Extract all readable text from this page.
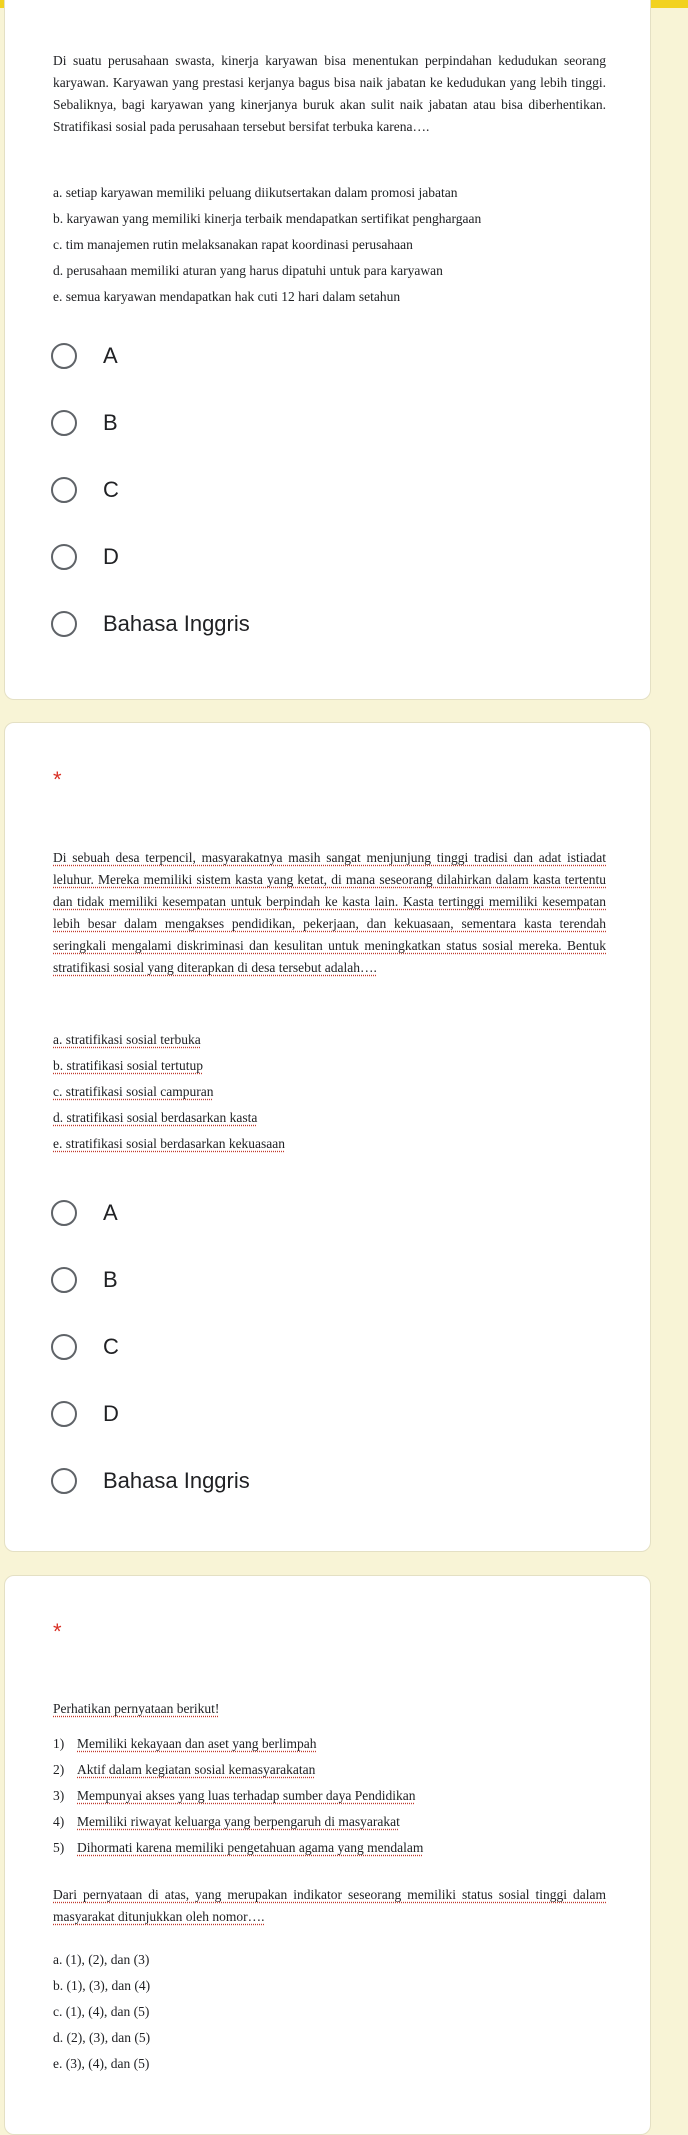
Di suatu perusahaan swasta, kinerja karyawan bisa menentukan perpindahan kedudukan seorang karyawan. Karyawan yang prestasi kerjanya bagus bisa naik jabatan ke kedudukan yang lebih tinggi. Sebaliknya, bagi karyawan yang kinerjanya buruk akan sulit naik jabatan atau bisa diberhentikan. Stratifikasi sosial pada perusahaan tersebut bersifat terbuka karena….

a. setiap karyawan memiliki peluang diikutsertakan dalam promosi jabatan
b. karyawan yang memiliki kinerja terbaik mendapatkan sertifikat penghargaan
c. tim manajemen rutin melaksanakan rapat koordinasi perusahaan
d. perusahaan memiliki aturan yang harus dipatuhi untuk para karyawan
e. semua karyawan mendapatkan hak cuti 12 hari dalam setahun
A
B
C
D
Bahasa Inggris
*

Di sebuah desa terpencil, masyarakatnya masih sangat menjunjung tinggi tradisi dan adat istiadat leluhur. Mereka memiliki sistem kasta yang ketat, di mana seseorang dilahirkan dalam kasta tertentu dan tidak memiliki kesempatan untuk berpindah ke kasta lain. Kasta tertinggi memiliki kesempatan lebih besar dalam mengakses pendidikan, pekerjaan, dan kekuasaan, sementara kasta terendah seringkali mengalami diskriminasi dan kesulitan untuk meningkatkan status sosial mereka. Bentuk stratifikasi sosial yang diterapkan di desa tersebut adalah….

a. stratifikasi sosial terbuka
b. stratifikasi sosial tertutup
c. stratifikasi sosial campuran
d. stratifikasi sosial berdasarkan kasta
e. stratifikasi sosial berdasarkan kekuasaan
A
B
C
D
Bahasa Inggris
*

Perhatikan pernyataan berikut!

1) Memiliki kekayaan dan aset yang berlimpah
2) Aktif dalam kegiatan sosial kemasyarakatan
3) Mempunyai akses yang luas terhadap sumber daya Pendidikan
4) Memiliki riwayat keluarga yang berpengaruh di masyarakat
5) Dihormati karena memiliki pengetahuan agama yang mendalam

Dari pernyataan di atas, yang merupakan indikator seseorang memiliki status sosial tinggi dalam masyarakat ditunjukkan oleh nomor….

a. (1), (2), dan (3)
b. (1), (3), dan (4)
c. (1), (4), dan (5)
d. (2), (3), dan (5)
e. (3), (4), dan (5)
